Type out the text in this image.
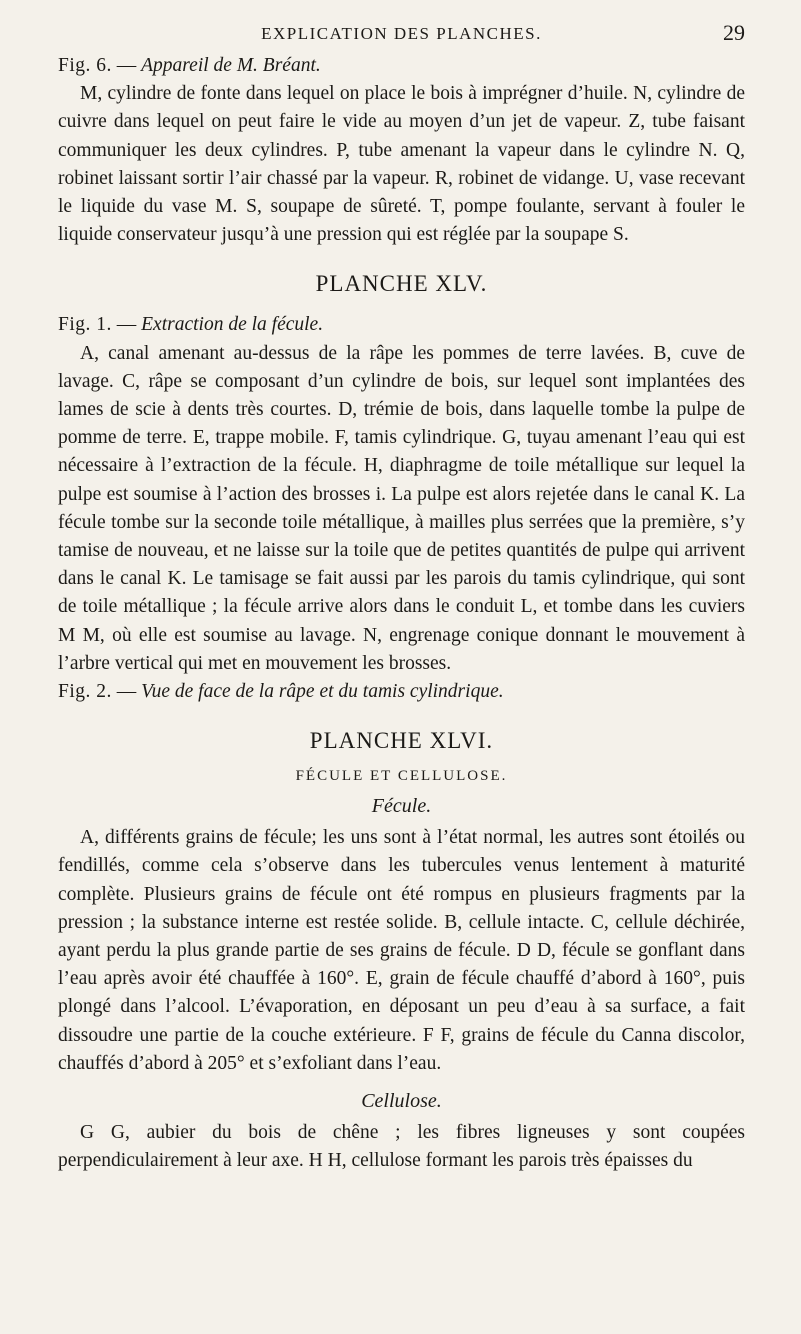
EXPLICATION DES PLANCHES.	29

Fig. 6. — Appareil de M. Bréant.

M, cylindre de fonte dans lequel on place le bois à imprégner d’huile. N, cylindre de cuivre dans lequel on peut faire le vide au moyen d’un jet de vapeur. Z, tube faisant communiquer les deux cylindres. P, tube amenant la vapeur dans le cylindre N. Q, robinet laissant sortir l’air chassé par la vapeur. R, robinet de vidange. U, vase recevant le liquide du vase M. S, soupape de sûreté. T, pompe foulante, servant à fouler le liquide conservateur jusqu’à une pression qui est réglée par la soupape S.

PLANCHE XLV.

Fig. 1. — Extraction de la fécule.

A, canal amenant au-dessus de la râpe les pommes de terre lavées. B, cuve de lavage. C, râpe se composant d’un cylindre de bois, sur lequel sont implantées des lames de scie à dents très courtes. D, trémie de bois, dans laquelle tombe la pulpe de pomme de terre. E, trappe mobile. F, tamis cylindrique. G, tuyau amenant l’eau qui est nécessaire à l’extraction de la fécule. H, diaphragme de toile métallique sur lequel la pulpe est soumise à l’action des brosses i. La pulpe est alors rejetée dans le canal K. La fécule tombe sur la seconde toile métallique, à mailles plus serrées que la première, s’y tamise de nouveau, et ne laisse sur la toile que de petites quantités de pulpe qui arrivent dans le canal K. Le tamisage se fait aussi par les parois du tamis cylindrique, qui sont de toile métallique ; la fécule arrive alors dans le conduit L, et tombe dans les cuviers M M, où elle est soumise au lavage. N, engrenage conique donnant le mouvement à l’arbre vertical qui met en mouvement les brosses.

Fig. 2. — Vue de face de la râpe et du tamis cylindrique.

PLANCHE XLVI.
FÉCULE ET CELLULOSE.
Fécule.

A, différents grains de fécule; les uns sont à l’état normal, les autres sont étoilés ou fendillés, comme cela s’observe dans les tubercules venus lentement à maturité complète. Plusieurs grains de fécule ont été rompus en plusieurs fragments par la pression ; la substance interne est restée solide. B, cellule intacte. C, cellule déchirée, ayant perdu la plus grande partie de ses grains de fécule. D D, fécule se gonflant dans l’eau après avoir été chauffée à 160°. E, grain de fécule chauffé d’abord à 160°, puis plongé dans l’alcool. L’évaporation, en déposant un peu d’eau à sa surface, a fait dissoudre une partie de la couche extérieure. F F, grains de fécule du Canna discolor, chauffés d’abord à 205° et s’exfoliant dans l’eau.

Cellulose.

G G, aubier du bois de chêne ; les fibres ligneuses y sont coupées perpendiculairement à leur axe. H H, cellulose formant les parois très épaisses du
